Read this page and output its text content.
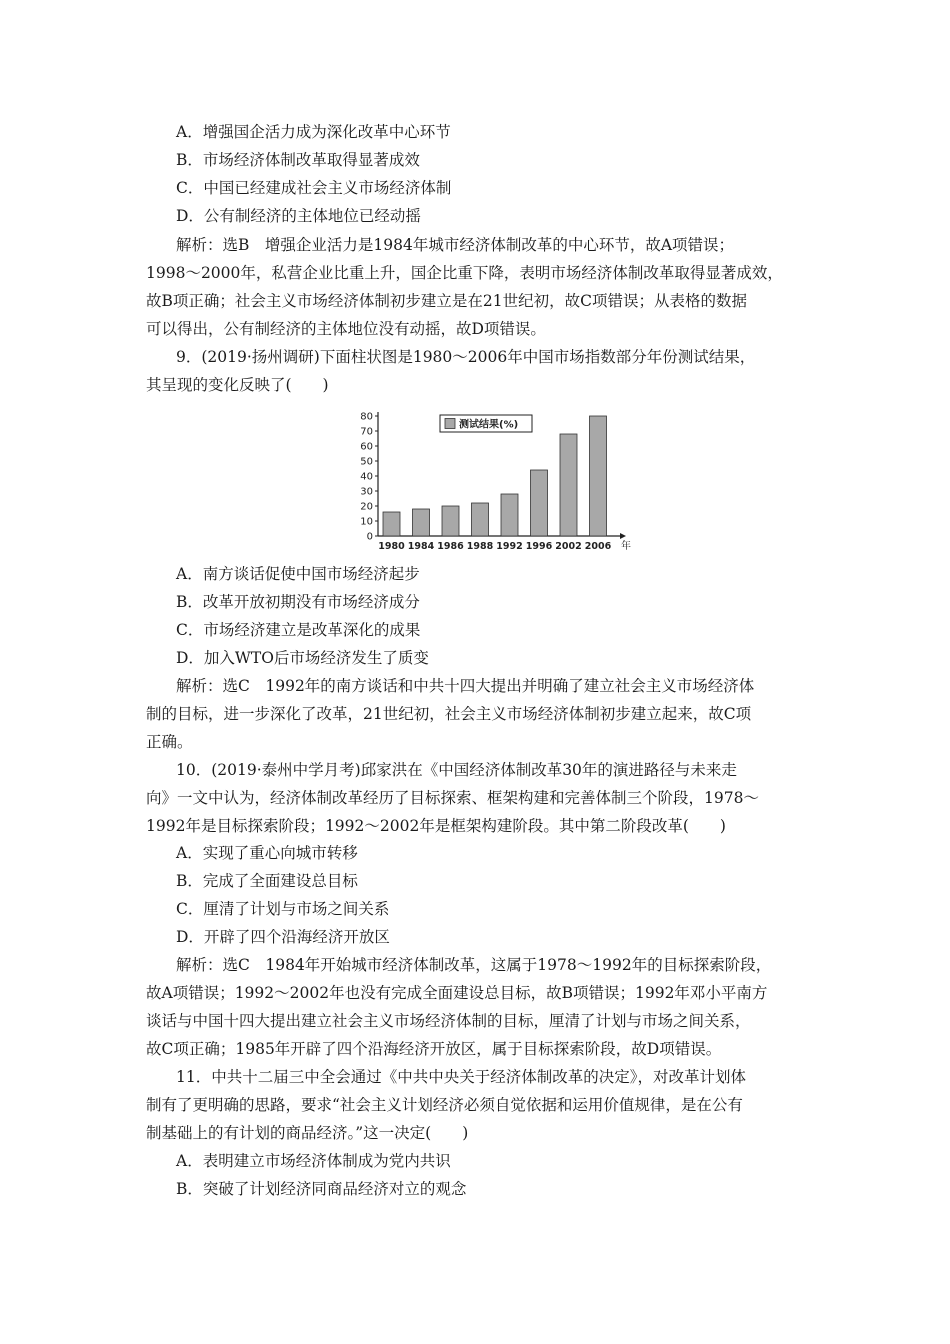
A．增强国企活力成为深化改革中心环节
B．市场经济体制改革取得显著成效
C．中国已经建成社会主义市场经济体制
D．公有制经济的主体地位已经动摇
解析：选B　增强企业活力是1984年城市经济体制改革的中心环节，故A项错误；
1998～2000年，私营企业比重上升，国企比重下降，表明市场经济体制改革取得显著成效，
故B项正确；社会主义市场经济体制初步建立是在21世纪初，故C项错误；从表格的数据
可以得出，公有制经济的主体地位没有动摇，故D项错误。
9．(2019·扬州调研)下面柱状图是1980～2006年中国市场指数部分年份测试结果，
其呈现的变化反映了(　　)
0
10
20
30
40
50
60
70
80
1980 1984 1986 1988 1992 1996 2002 2006 年
测试结果(%)
A．南方谈话促使中国市场经济起步
B．改革开放初期没有市场经济成分
C．市场经济建立是改革深化的成果
D．加入WTO后市场经济发生了质变
解析：选C　1992年的南方谈话和中共十四大提出并明确了建立社会主义市场经济体
制的目标，进一步深化了改革，21世纪初，社会主义市场经济体制初步建立起来，故C项
正确。
10．(2019·泰州中学月考)邱家洪在《中国经济体制改革30年的演进路径与未来走
向》一文中认为，经济体制改革经历了目标探索、框架构建和完善体制三个阶段，1978～
1992年是目标探索阶段；1992～2002年是框架构建阶段。其中第二阶段改革(　　)
A．实现了重心向城市转移
B．完成了全面建设总目标
C．厘清了计划与市场之间关系
D．开辟了四个沿海经济开放区
解析：选C　1984年开始城市经济体制改革，这属于1978～1992年的目标探索阶段，
故A项错误；1992～2002年也没有完成全面建设总目标，故B项错误；1992年邓小平南方
谈话与中国十四大提出建立社会主义市场经济体制的目标，厘清了计划与市场之间关系，
故C项正确；1985年开辟了四个沿海经济开放区，属于目标探索阶段，故D项错误。
11．中共十二届三中全会通过《中共中央关于经济体制改革的决定》，对改革计划体
制有了更明确的思路，要求“社会主义计划经济必须自觉依据和运用价值规律，是在公有
制基础上的有计划的商品经济。”这一决定(　　)
A．表明建立市场经济体制成为党内共识
B．突破了计划经济同商品经济对立的观念
